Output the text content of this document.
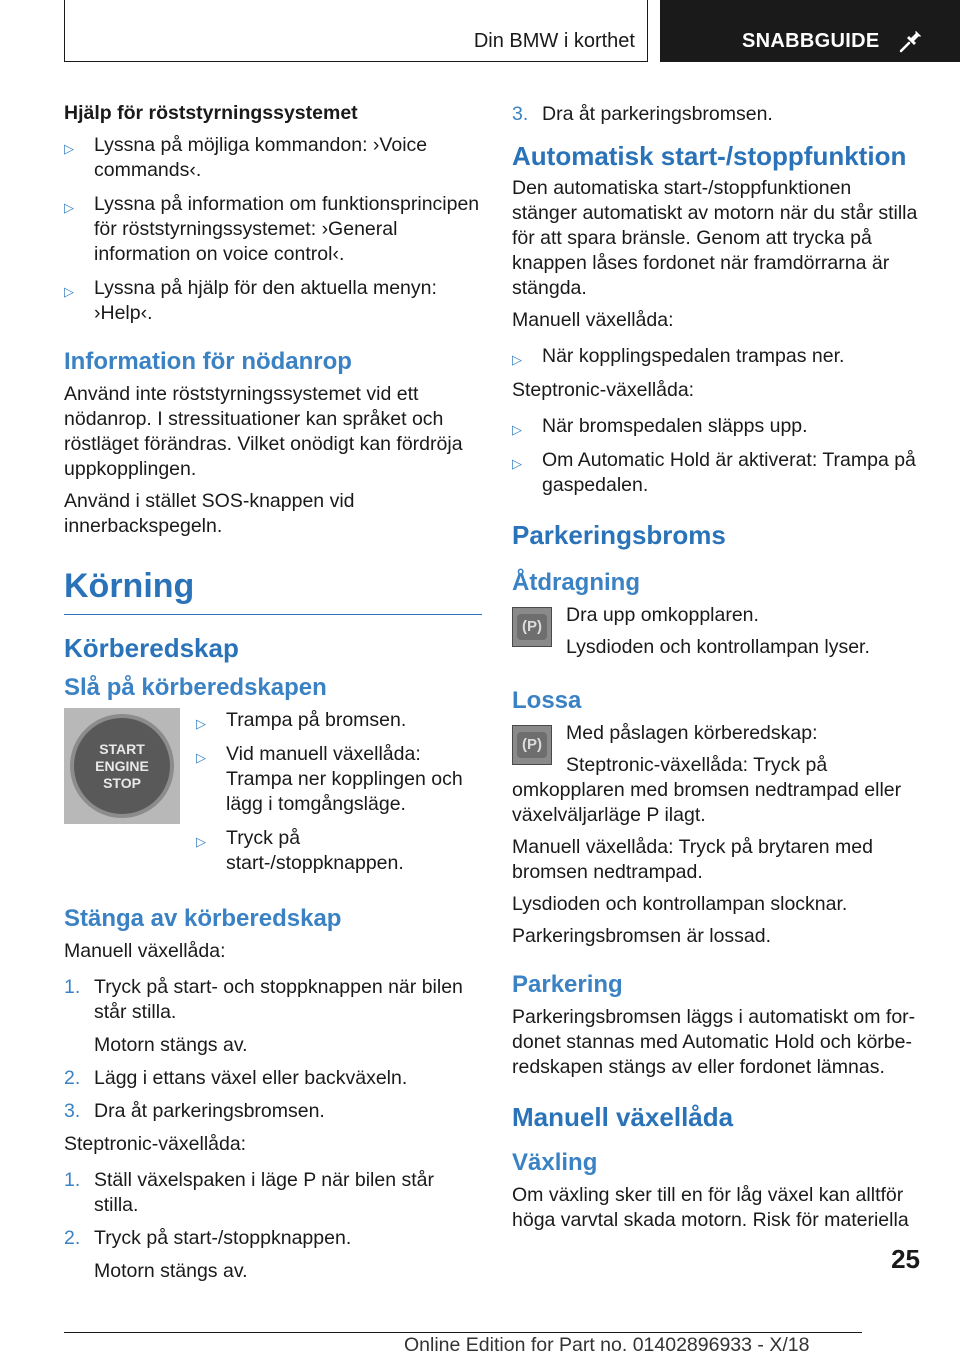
Din BMW i korthet	SNABBGUIDE
Hjälp för röststyrningssystemet
▷ Lyssna på möjliga kommandon: ›Voice commands‹.
▷ Lyssna på information om funktionsprincipen för röststyrningssystemet: ›General information on voice control‹.
▷ Lyssna på hjälp för den aktuella menyn: ›Help‹.
Information för nödanrop
Använd inte röststyrningssystemet vid ett nödanrop. I stressituationer kan språket och röstläget förändras. Vilket onödigt kan fördröja uppkopplingen.
Använd i stället SOS-knappen vid innerbackspegeln.
Körning
Körberedskap
Slå på körberedskapen
START
ENGINE
STOP
▷ Trampa på bromsen.
▷ Vid manuell växellåda: Trampa ner kopplingen och lägg i tomgångsläge.
▷ Tryck på start-/stoppknappen.
Stänga av körberedskap
Manuell växellåda:
1. Tryck på start- och stoppknappen när bilen står stilla.
Motorn stängs av.
2. Lägg i ettans växel eller backväxeln.
3. Dra åt parkeringsbromsen.
Steptronic-växellåda:
1. Ställ växelspaken i läge P när bilen står stilla.
2. Tryck på start-/stoppknappen.
Motorn stängs av.
3. Dra åt parkeringsbromsen.
Automatisk start-/stoppfunktion
Den automatiska start-/stoppfunktionen stänger automatiskt av motorn när du står stilla för att spara bränsle. Genom att trycka på knappen låses fordonet när framdörrarna är stängda.
Manuell växellåda:
▷ När kopplingspedalen trampas ner.
Steptronic-växellåda:
▷ När bromspedalen släpps upp.
▷ Om Automatic Hold är aktiverat: Trampa på gaspedalen.
Parkeringsbroms
Åtdragning
(P)
Dra upp omkopplaren.
Lysdioden och kontrollampan lyser.
Lossa
(P)
Med påslagen körberedskap:
Steptronic-växellåda: Tryck på omkopplaren med bromsen nedtrampad eller växelväljarläge P ilagt.
Manuell växellåda: Tryck på brytaren med bromsen nedtrampad.
Lysdioden och kontrollampan slocknar.
Parkeringsbromsen är lossad.
Parkering
Parkeringsbromsen läggs i automatiskt om fordonet stannas med Automatic Hold och körberedskapen stängs av eller fordonet lämnas.
Manuell växellåda
Växling
Om växling sker till en för låg växel kan alltför höga varvtal skada motorn. Risk för materiella
25
Online Edition for Part no. 01402896933 - X/18
